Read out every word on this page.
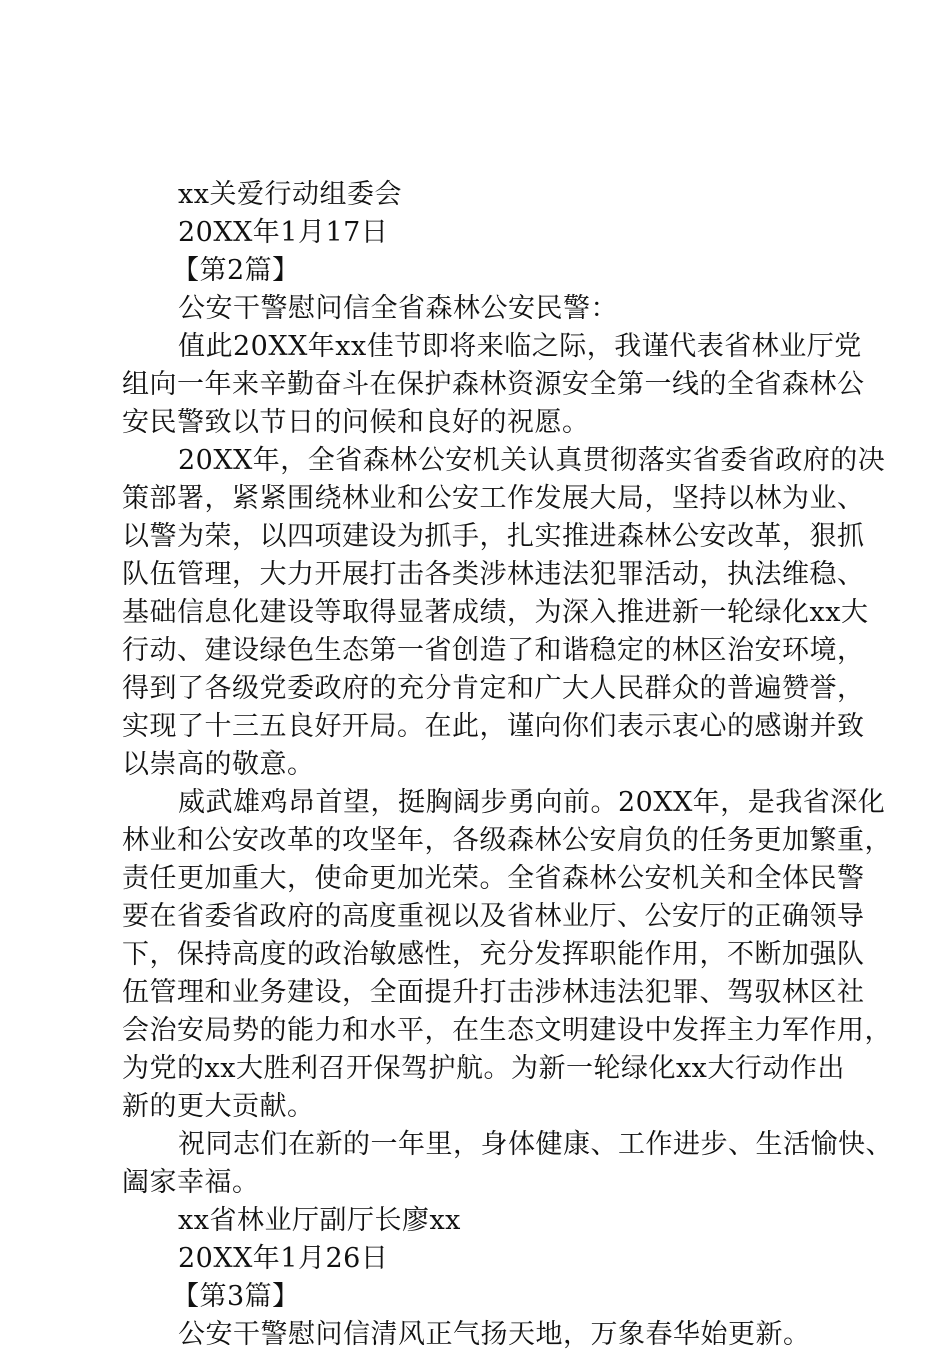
xx关爱行动组委会
20XX年1月17日
【第2篇】
公安干警慰问信全省森林公安民警：
值此20XX年xx佳节即将来临之际，我谨代表省林业厅党
组向一年来辛勤奋斗在保护森林资源安全第一线的全省森林公
安民警致以节日的问候和良好的祝愿。
20XX年，全省森林公安机关认真贯彻落实省委省政府的决
策部署，紧紧围绕林业和公安工作发展大局，坚持以林为业、
以警为荣，以四项建设为抓手，扎实推进森林公安改革，狠抓
队伍管理，大力开展打击各类涉林违法犯罪活动，执法维稳、
基础信息化建设等取得显著成绩，为深入推进新一轮绿化xx大
行动、建设绿色生态第一省创造了和谐稳定的林区治安环境，
得到了各级党委政府的充分肯定和广大人民群众的普遍赞誉，
实现了十三五良好开局。在此，谨向你们表示衷心的感谢并致
以崇高的敬意。
威武雄鸡昂首望，挺胸阔步勇向前。20XX年，是我省深化
林业和公安改革的攻坚年，各级森林公安肩负的任务更加繁重，
责任更加重大，使命更加光荣。全省森林公安机关和全体民警
要在省委省政府的高度重视以及省林业厅、公安厅的正确领导
下，保持高度的政治敏感性，充分发挥职能作用，不断加强队
伍管理和业务建设，全面提升打击涉林违法犯罪、驾驭林区社
会治安局势的能力和水平，在生态文明建设中发挥主力军作用，
为党的xx大胜利召开保驾护航。为新一轮绿化xx大行动作出
新的更大贡献。
祝同志们在新的一年里，身体健康、工作进步、生活愉快、
阖家幸福。
xx省林业厅副厅长廖xx
20XX年1月26日
【第3篇】
公安干警慰问信清风正气扬天地，万象春华始更新。
